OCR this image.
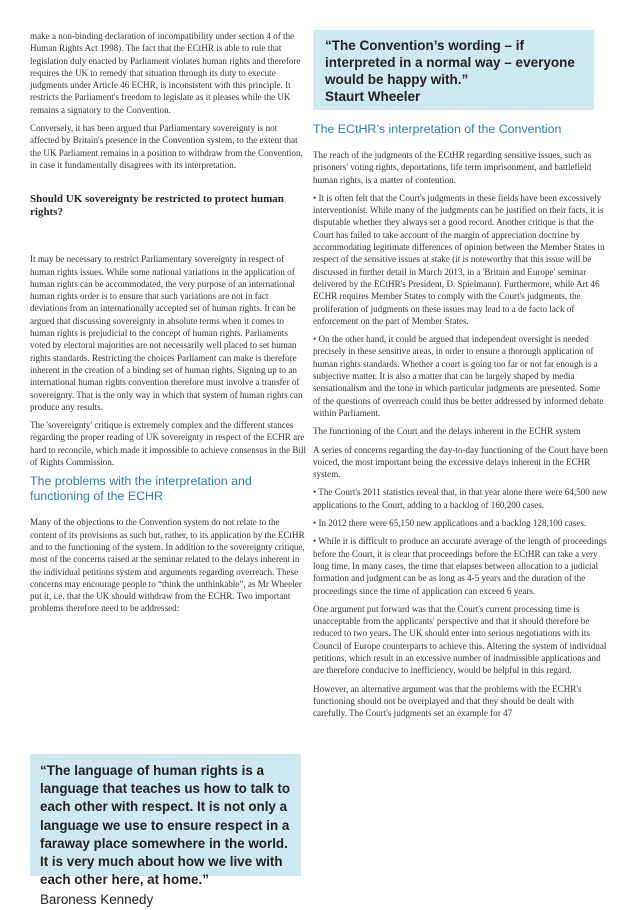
make a non-binding declaration of incompatibility under section 4 of the Human Rights Act 1998). The fact that the ECtHR is able to rule that legislation duly enacted by Parliament violates human rights and therefore requires the UK to remedy that situation through its duty to execute judgments under Article 46 ECHR, is inconsistent with this principle. It restricts the Parliament's freedom to legislate as it pleases while the UK remains a signatory to the Convention.

Conversely, it has been argued that Parliamentary sovereignty is not affected by Britain's presence in the Convention system, to the extent that the UK Parliament remains in a position to withdraw from the Convention, in case it fundamentally disagrees with its interpretation.

Should UK sovereignty be restricted to protect human rights?

It may be necessary to restrict Parliamentary sovereignty in respect of human rights issues. While some national variations in the application of human rights can be accommodated, the very purpose of an international human rights order is to ensure that such variations are not in fact deviations from an internationally accepted set of human rights. It can be argued that discussing sovereignty in absolute terms when it comes to human rights is prejudicial to the concept of human rights. Parliaments voted by electoral majorities are not necessarily well placed to set human rights standards. Restricting the choices Parliament can make is therefore inherent in the creation of a binding set of human rights. Signing up to an international human rights convention therefore must involve a transfer of sovereignty. That is the only way in which that system of human rights can produce any results.

The 'sovereignty' critique is extremely complex and the different stances regarding the proper reading of UK sovereignty in respect of the ECHR are hard to reconcile, which made it impossible to achieve consensus in the Bill of Rights Commission.

The problems with the interpretation and functioning of the ECHR

Many of the objections to the Convention system do not relate to the content of its provisions as such but, rather, to its application by the ECtHR and to the functioning of the system. In addition to the sovereignty critique, most of the concerns raised at the seminar related to the delays inherent in the individual petitions system and arguments regarding overreach. These concerns may encourage people to “think the unthinkable”, as Mr Wheeler put it, i.e. that the UK should withdraw from the ECHR. Two important problems therefore need to be addressed:

“The language of human rights is a language that teaches us how to talk to each other with respect. It is not only a language we use to ensure respect in a faraway place somewhere in the world. It is very much about how we live with each other here, at home.”
Baroness Kennedy
“The Convention’s wording – if interpreted in a normal way – everyone would be happy with.”
Staurt Wheeler
The ECtHR’s interpretation of the Convention

The reach of the judgments of the ECtHR regarding sensitive issues, such as prisoners' voting rights, deportations, life term imprisonment, and battlefield human rights, is a matter of contention.

• It is often felt that the Court's judgments in these fields have been excessively interventionist. While many of the judgments can be justified on their facts, it is disputable whether they always set a good record. Another critique is that the Court has failed to take account of the margin of appreciation doctrine by accommodating legitimate differences of opinion between the Member States in respect of the sensitive issues at stake (it is noteworthy that this issue will be discussed in further detail in March 2013, in a 'Britain and Europe' seminar delivered by the ECtHR's President, D. Spielmann). Furthermore, while Art 46 ECHR requires Member States to comply with the Court's judgments, the proliferation of judgments on these issues may lead to a de facto lack of enforcement on the part of Member States.

• On the other hand, it could be argued that independent oversight is needed precisely in these sensitive areas, in order to ensure a thorough application of human rights standards. Whether a court is going too far or not far enough is a subjective matter. It is also a matter that can be largely shaped by media sensationalism and the tone in which particular judgments are presented. Some of the questions of overreach could thus be better addressed by informed debate within Parliament.

The functioning of the Court and the delays inherent in the ECHR system

A series of concerns regarding the day-to-day functioning of the Court have been voiced, the most important being the excessive delays inherent in the ECHR system.

• The Court's 2011 statistics reveal that, in that year alone there were 64,500 new applications to the Court, adding to a backlog of 160,200 cases.

• In 2012 there were 65,150 new applications and a backlog 128,100 cases.

• While it is difficult to produce an accurate average of the length of proceedings before the Court, it is clear that proceedings before the ECtHR can take a very long time. In many cases, the time that elapses between allocation to a judicial formation and judgment can be as long as 4-5 years and the duration of the proceedings since the time of application can exceed 6 years.

One argument put forward was that the Court's current processing time is unacceptable from the applicants' perspective and that it should therefore be reduced to two years. The UK should enter into serious negotiations with its Council of Europe counterparts to achieve this. Altering the system of individual petitions, which result in an excessive number of inadmissible applications and are therefore conducive to inefficiency, would be helpful in this regard.

However, an alternative argument was that the problems with the ECHR's functioning should not be overplayed and that they should be dealt with carefully. The Court's judgments set an example for 47
